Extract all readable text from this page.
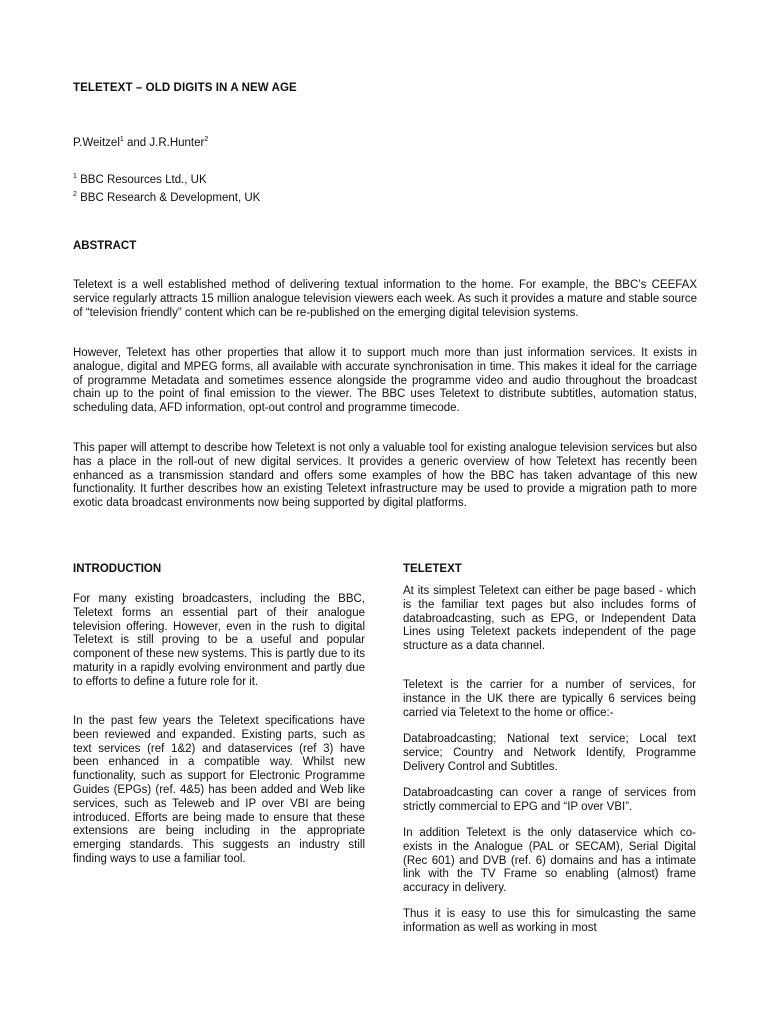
TELETEXT – OLD DIGITS IN A NEW AGE

P.Weitzel$^1$ and J.R.Hunter$^2$

$^1$ BBC Resources Ltd., UK

$^2$ BBC Research & Development, UK

ABSTRACT

Teletext is a well established method of delivering textual information to the home. For example, the BBC’s CEEFAX service regularly attracts 15 million analogue television viewers each week. As such it provides a mature and stable source of “television friendly” content which can be re-published on the emerging digital television systems.

However, Teletext has other properties that allow it to support much more than just information services. It exists in analogue, digital and MPEG forms, all available with accurate synchronisation in time. This makes it ideal for the carriage of programme Metadata and sometimes essence alongside the programme video and audio throughout the broadcast chain up to the point of final emission to the viewer. The BBC uses Teletext to distribute subtitles, automation status, scheduling data, AFD information, opt-out control and programme timecode.

This paper will attempt to describe how Teletext is not only a valuable tool for existing analogue television services but also has a place in the roll-out of new digital services. It provides a generic overview of how Teletext has recently been enhanced as a transmission standard and offers some examples of how the BBC has taken advantage of this new functionality. It further describes how an existing Teletext infrastructure may be used to provide a migration path to more exotic data broadcast environments now being supported by digital platforms.

INTRODUCTION

For many existing broadcasters, including the BBC, Teletext forms an essential part of their analogue television offering. However, even in the rush to digital Teletext is still proving to be a useful and popular component of these new systems. This is partly due to its maturity in a rapidly evolving environment and partly due to efforts to define a future role for it.

In the past few years the Teletext specifications have been reviewed and expanded. Existing parts, such as text services (ref 1&2) and dataservices (ref 3) have been enhanced in a compatible way. Whilst new functionality, such as support for Electronic Programme Guides (EPGs) (ref. 4&5) has been added and Web like services, such as Teleweb and IP over VBI are being introduced. Efforts are being made to ensure that these extensions are being including in the appropriate emerging standards. This suggests an industry still finding ways to use a familiar tool.

TELETEXT

At its simplest Teletext can either be page based - which is the familiar text pages but also includes forms of databroadcasting, such as EPG, or Independent Data Lines using Teletext packets independent of the page structure as a data channel.

Teletext is the carrier for a number of services, for instance in the UK there are typically 6 services being carried via Teletext to the home or office:-

Databroadcasting; National text service; Local text service; Country and Network Identify, Programme Delivery Control and Subtitles.

Databroadcasting can cover a range of services from strictly commercial to EPG and “IP over VBI”.

In addition Teletext is the only dataservice which co-exists in the Analogue (PAL or SECAM), Serial Digital (Rec 601) and DVB (ref. 6) domains and has a intimate link with the TV Frame so enabling (almost) frame accuracy in delivery.

Thus it is easy to use this for simulcasting the same information as well as working in most
